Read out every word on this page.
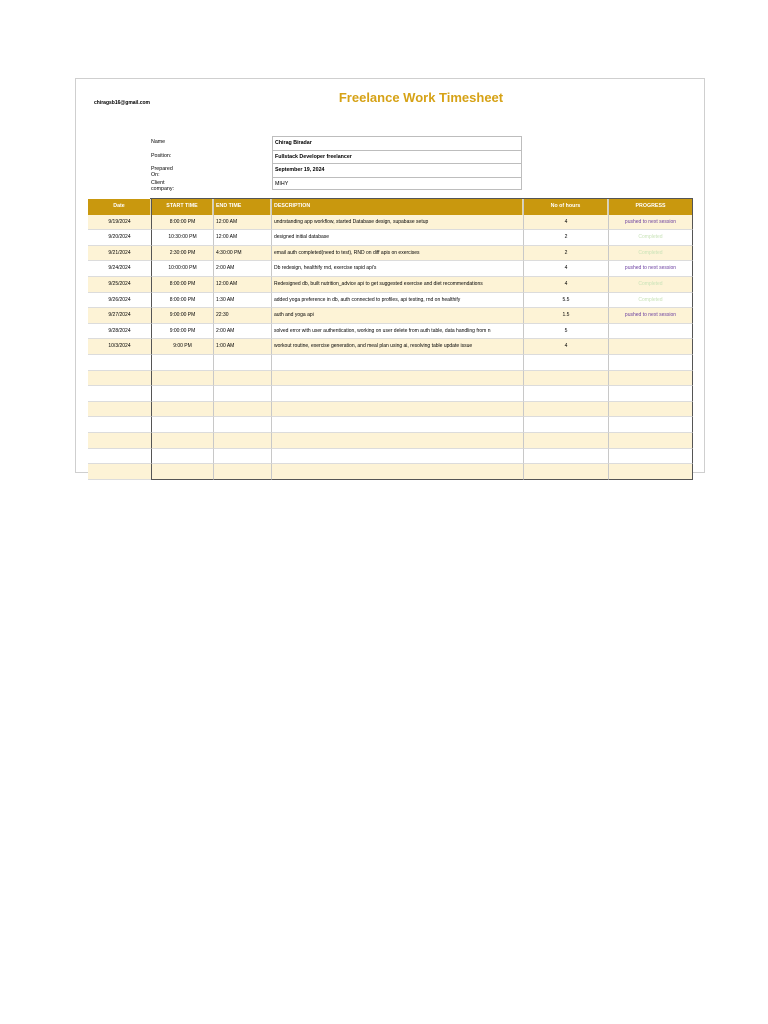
chiragsb16@gmail.com	Freelance Work Timesheet
Name	Chirag Biradar
Position:	Fullstack Developer freelancer
Prepared On:
September 19, 2024
Client company:
MIHY
Date	START TIME	END TIME	DESCRIPTION	No of hours	PROGRESS
9/19/2024	8:00:00 PM	12:00 AM	undrstanding app workflow, started Database design, supabase setup	4	pushed to next session
9/20/2024	10:30:00 PM	12:00 AM	designed initial database	2	Completed
9/21/2024	2:30:00 PM	4:30:00 PM	email auth completed(need to test), RND on diff apis on exercises	2	Completed
9/24/2024	10:00:00 PM	2:00 AM	Db redesign, healthify rnd, exercise rapid api's	4	pushed to next session
9/25/2024	8:00:00 PM	12:00 AM	Redesigned db, built nutrition_advice api to get suggested exercise and diet recommendations	4	Completed
9/26/2024	8:00:00 PM	1:30 AM	added yoga preference in db, auth connected to profiles, api testing, rnd on healthify	5.5	Completed
9/27/2024	9:00:00 PM	22:30	auth and yoga api	1.5	pushed to next session
9/28/2024	9:00:00 PM	2:00 AM	solved error with user authentication, working on user delete from auth table, data handling from n	5
10/3/2024	9:00 PM	1:00 AM	workout routine, exercise generation, and meal plan using ai, resolving table update issue	4
